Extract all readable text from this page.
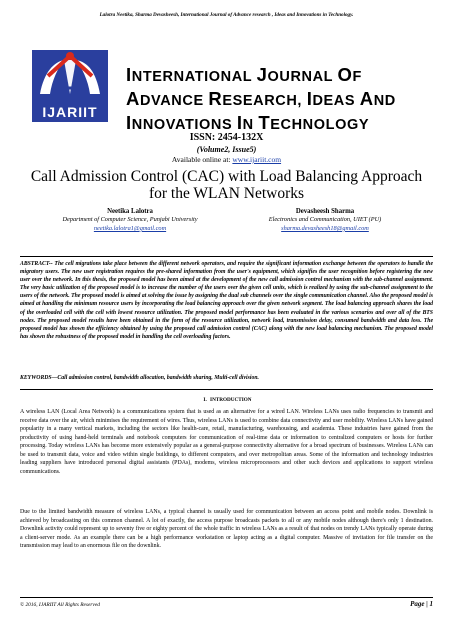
Lalotra Neetika, Sharma Devasheesh, International Journal of Advance research , Ideas and Innovations in Technology.
IJARIIT
INTERNATIONAL JOURNAL OF
ADVANCE RESEARCH, IDEAS AND
INNOVATIONS IN TECHNOLOGY
ISSN: 2454-132X
(Volume2, Issue5)
Available online at: www.ijariit.com
Call Admission Control (CAC) with Load Balancing Approach for the WLAN Networks
Neetika Lalotra
Department of Computer Science, Punjabi University
neetika.lalotra1@gmail.com
Devasheesh Sharma
Electronics and Communication, UIET (PU)
sharma.devasheesh18@gmail.com
ABSTRACT-- The cell migrations take place between the different network operators, and require the significant information exchange between the operators to handle the migratory users. The new user registration requires the pre-shared information from the user's equipment, which signifies the user recognition before registering the new user over the network. In this thesis, the proposed model has been aimed at the development of the new call admission control mechanism with the sub-channel assignment. The very basic utilization of the proposed model is to increase the number of the users over the given cell units, which is realized by using the sub-channel assignment to the users of the network. The proposed model is aimed at solving the issue by assigning the dual sub channels over the single communication channel. Also the proposed model is aimed at handling the minimum resource users by incorporating the load balancing approach over the given network segment. The load balancing approach shares the load of the overloaded cell with the cell with lowest resource utilization. The proposed model performance has been evaluated in the various scenarios and over all of the BTS nodes. The proposed model results have been obtained in the form of the resource utilization, network load, transmission delay, consumed bandwidth and data loss. The proposed model has shown the efficiency obtained by using the proposed call admission control (CAC) along with the new load balancing mechanism. The proposed model has shown the robustness of the proposed model in handling the cell overloading factors.
KEYWORDS—Call admission control, bandwidth allocation, bandwidth sharing, Multi-cell division.
I. INTRODUCTION
A wireless LAN (Local Area Network) is a communications system that is used as an alternative for a wired LAN. Wireless LANs uses radio frequencies to transmit and receive data over the air, which minimises the requirement of wires. Thus, wireless LANs is used to combine data connectivity and user mobility. Wireless LANs have gained popularity in a many vertical markets, including the sectors like health-care, retail, manufacturing, warehousing, and academia. These industries have gained from the productivity of using hand-held terminals and notebook computers for communication of real-time data or information to centralized computers or hosts for further processing. Today wireless LANs has become more extensively popular as a general-purpose connectivity alternative for a broad spectrum of businesses. Wireless LANs can be used to transmit data, voice and video within single buildings, to different computers, and over metropolitan areas. Some of the information and technology industries leading suppliers have introduced personal digital assistants (PDAs), modems, wireless microprocessors and other such devices and applications to support wireless communications.
Due to the limited bandwidth measure of wireless LANs, a typical channel is usually used for communication between an access point and mobile nodes. Downlink is achieved by broadcasting on this common channel. A lot of exactly, the access purpose broadcasts packets to all or any mobile nodes although there's only 1 destination. Downlink activity could represent up to seventy five or eighty percent of the whole traffic in wireless LANs as a result of that nodes on trendy LANs typically operate during a client-server mode. As an example there can be a high performance workstation or laptop acting as a digital computer. Massive of invitation for file transfer on the transmission may lead to an enormous file on the downlink.
© 2016, IJARIIT All Rights Reserved	Page | 1
